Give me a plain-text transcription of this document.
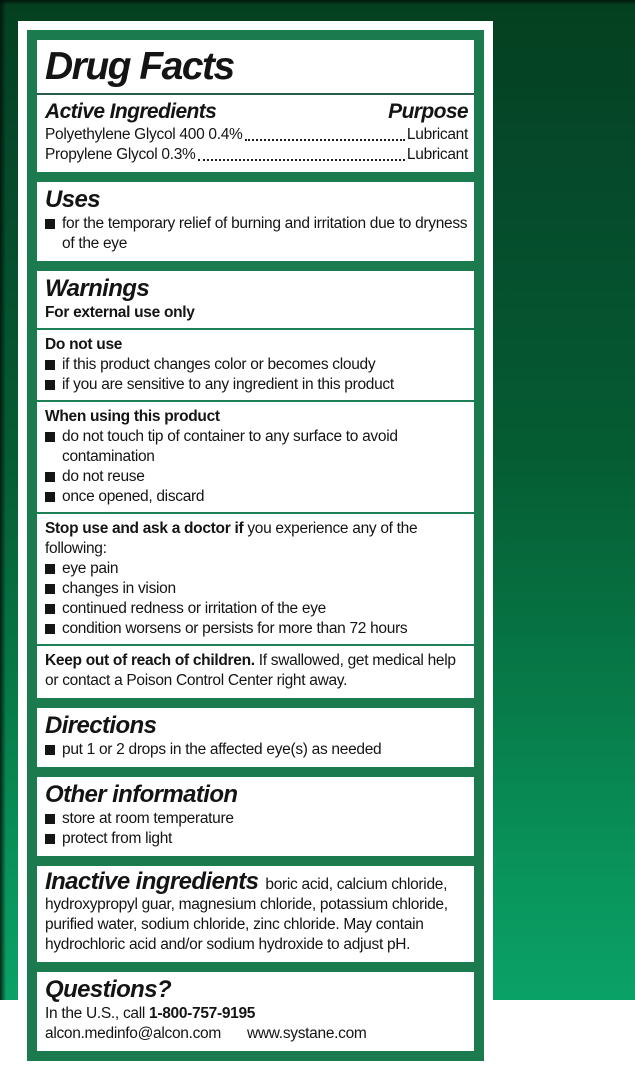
Drug Facts
Active Ingredients	Purpose
Polyethylene Glycol 400 0.4%	Lubricant
Propylene Glycol 0.3%	Lubricant
Uses
for the temporary relief of burning and irritation due to dryness of the eye
Warnings

For external use only

Do not use

if this product changes color or becomes cloudy
if you are sensitive to any ingredient in this product

When using this product

do not touch tip of container to any surface to avoid contamination
do not reuse
once opened, discard

Stop use and ask a doctor if you experience any of the following:

eye pain
changes in vision
continued redness or irritation of the eye
condition worsens or persists for more than 72 hours

Keep out of reach of children. If swallowed, get medical help or contact a Poison Control Center right away.

Directions
put 1 or 2 drops in the affected eye(s) as needed
Other information
store at room temperature
protect from light

Inactive ingredients boric acid, calcium chloride, hydroxypropyl guar, magnesium chloride, potassium chloride, purified water, sodium chloride, zinc chloride. May contain hydrochloric acid and/or sodium hydroxide to adjust pH.

Questions?

In the U.S., call 1-800-757-9195

alcon.medinfo@alcon.com www.systane.com
